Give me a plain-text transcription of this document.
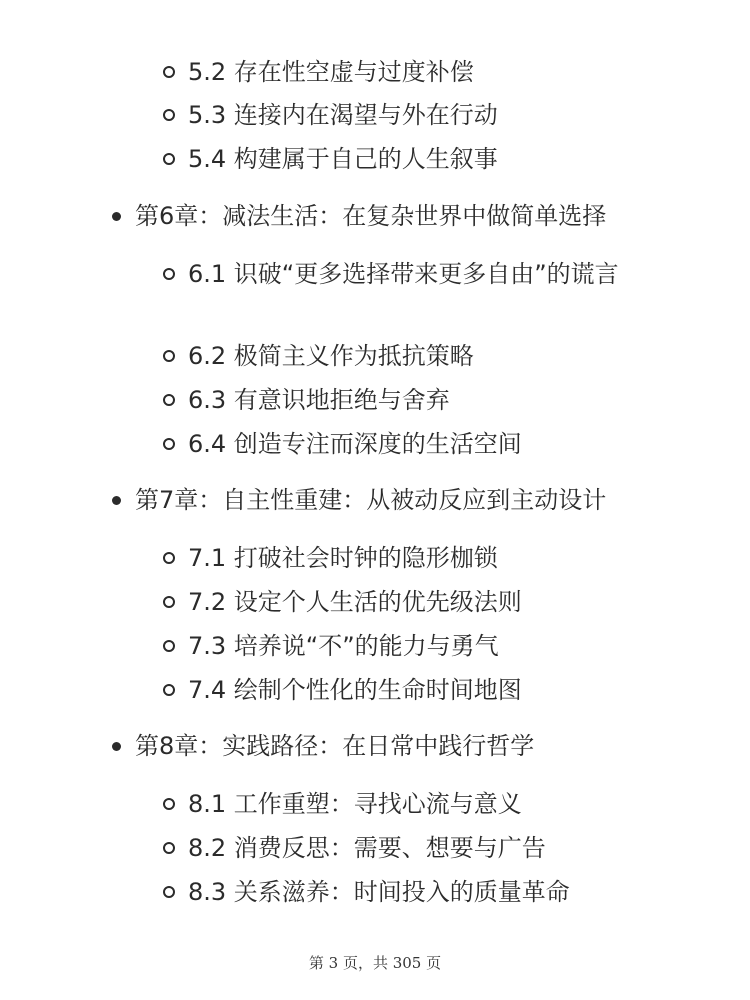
5.2 存在性空虚与过度补偿
5.3 连接内在渴望与外在行动
5.4 构建属于自己的人生叙事
第6章：减法生活：在复杂世界中做简单选择
6.1 识破“更多选择带来更多自由”的谎言
6.2 极简主义作为抵抗策略
6.3 有意识地拒绝与舍弃
6.4 创造专注而深度的生活空间
第7章：自主性重建：从被动反应到主动设计
7.1 打破社会时钟的隐形枷锁
7.2 设定个人生活的优先级法则
7.3 培养说“不”的能力与勇气
7.4 绘制个性化的生命时间地图
第8章：实践路径：在日常中践行哲学
8.1 工作重塑：寻找心流与意义
8.2 消费反思：需要、想要与广告
8.3 关系滋养：时间投入的质量革命
第 3 页，共 305 页
